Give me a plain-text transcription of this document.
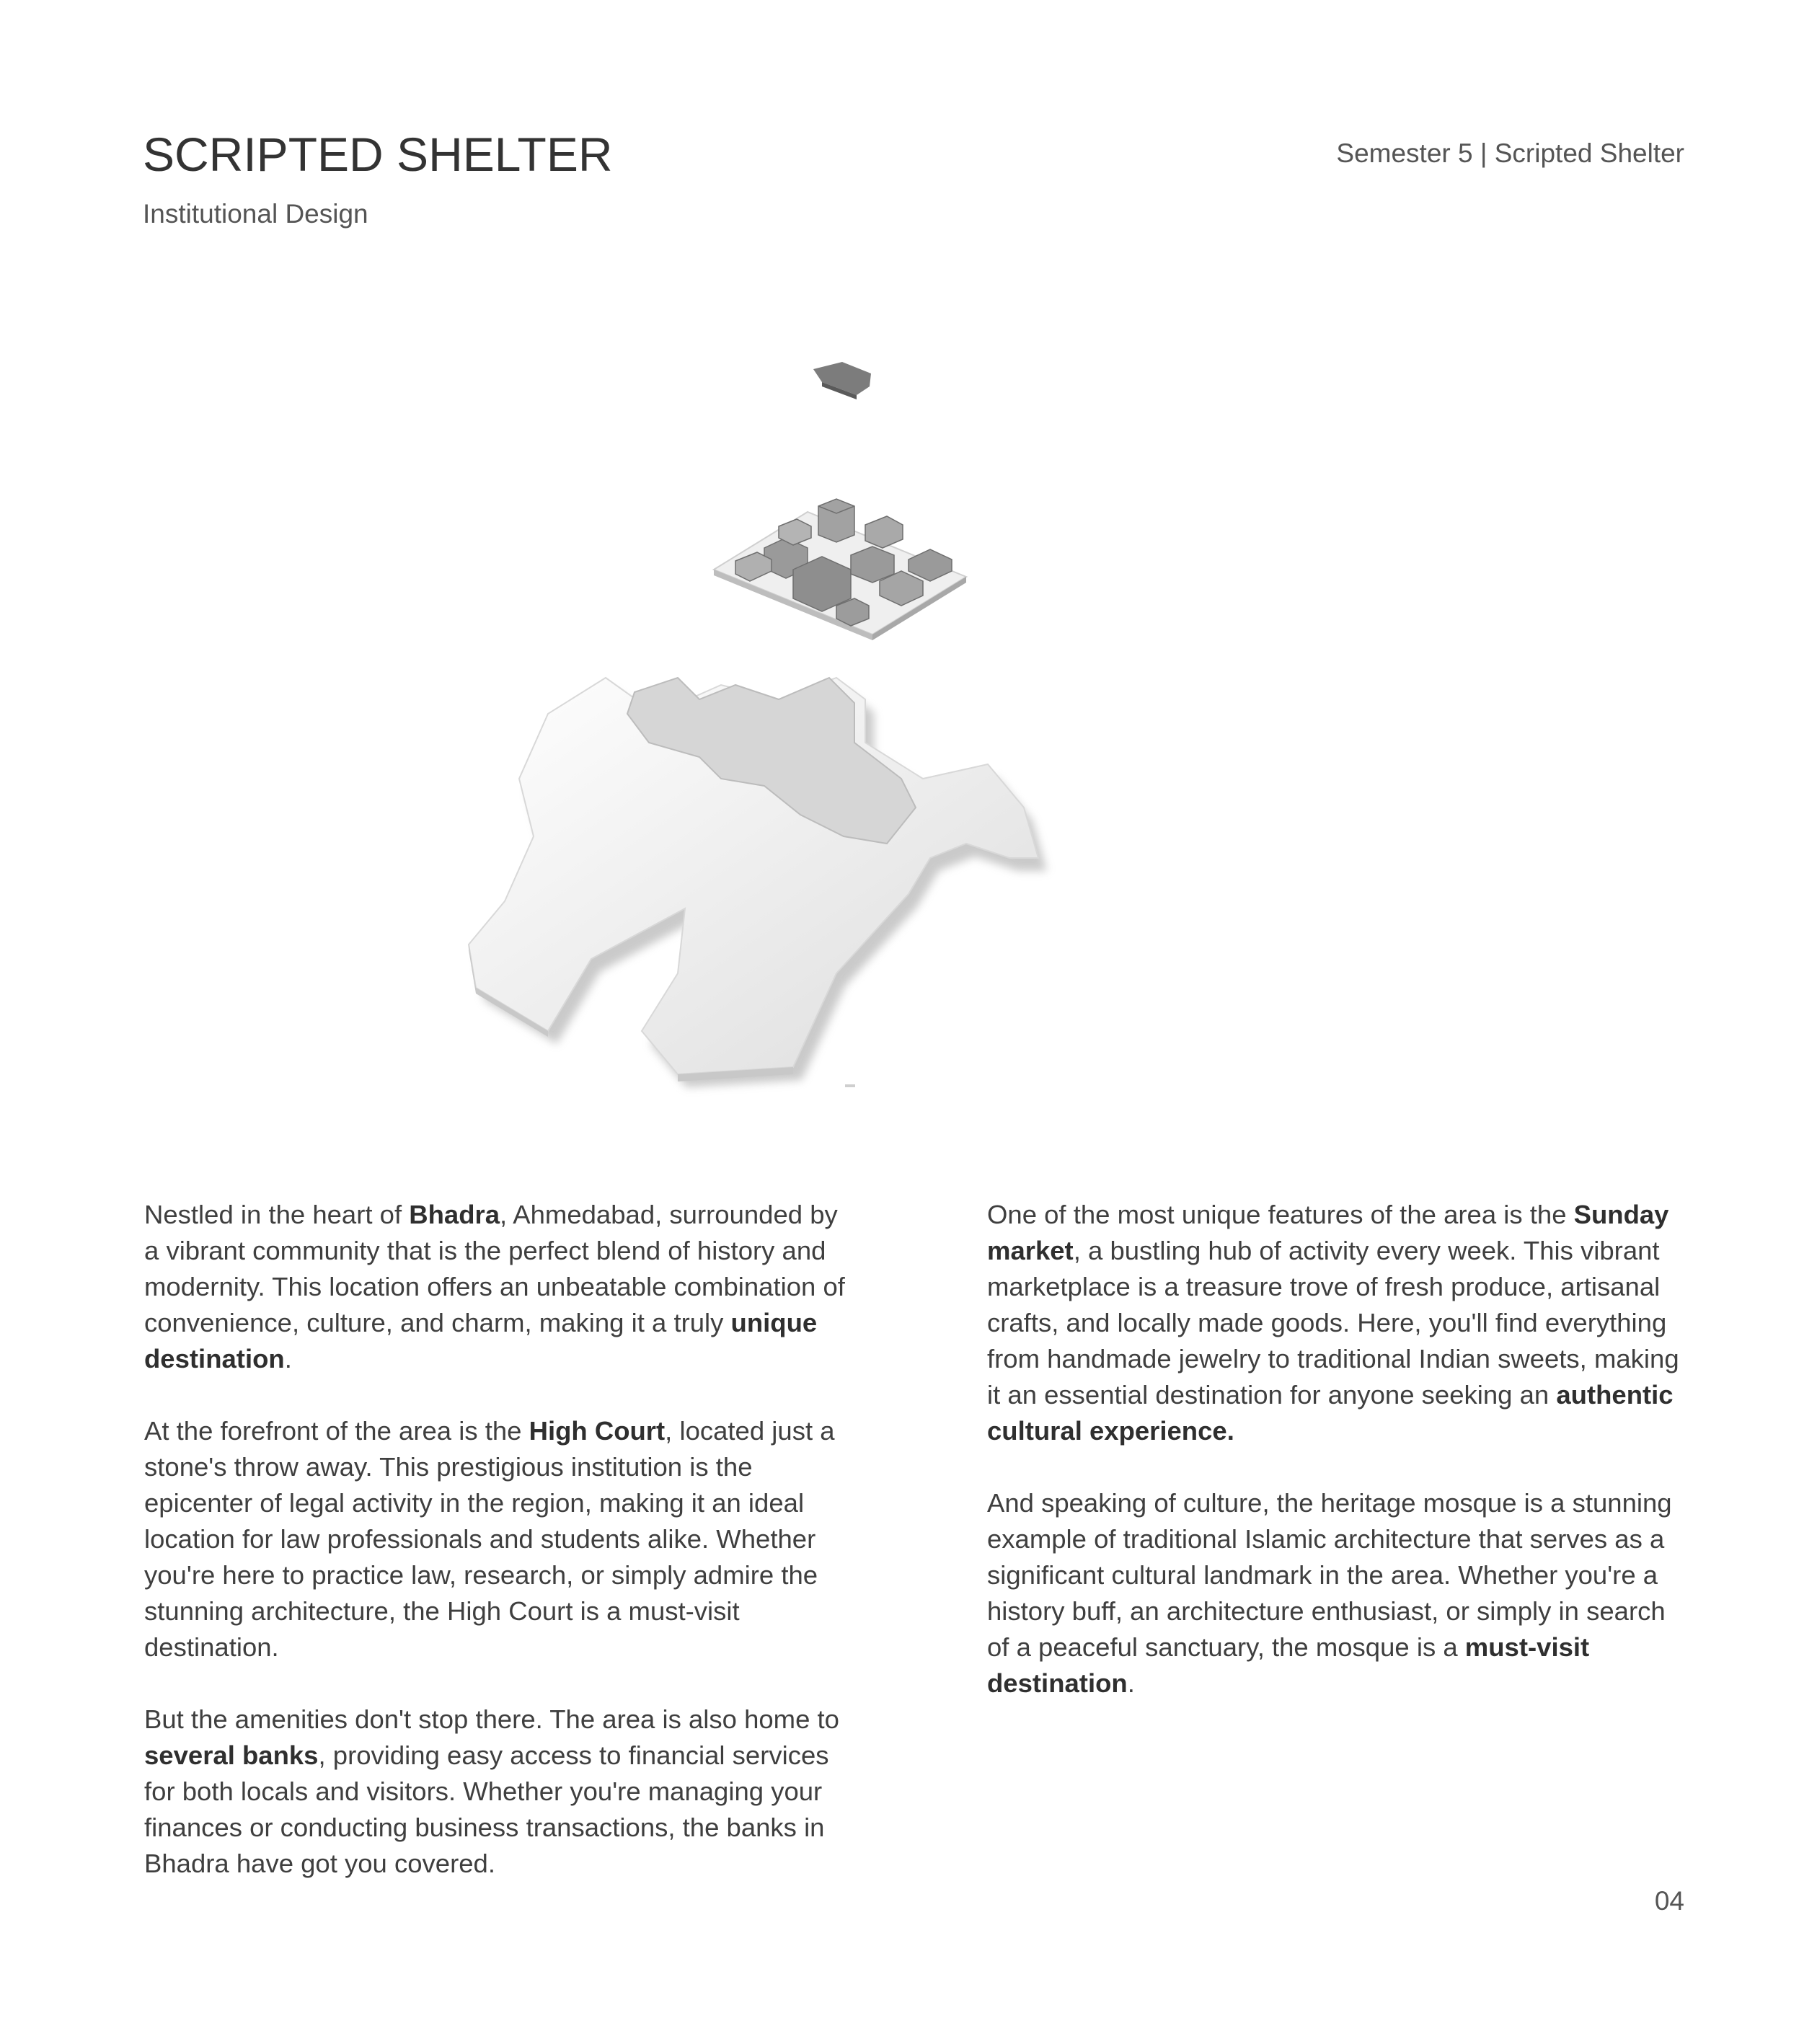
SCRIPTED SHELTER

Institutional Design

Semester 5 | Scripted Shelter

Nestled in the heart of Bhadra, Ahmedabad, surrounded by a vibrant community that is the perfect blend of history and modernity. This location offers an unbeatable combination of convenience, culture, and charm, making it a truly unique destination.

At the forefront of the area is the High Court, located just a stone's throw away. This prestigious institution is the epicenter of legal activity in the region, making it an ideal location for law professionals and students alike. Whether you're here to practice law, research, or simply admire the stunning architecture, the High Court is a must-visit destination.

But the amenities don't stop there. The area is also home to several banks, providing easy access to financial services for both locals and visitors. Whether you're managing your finances or conducting business transactions, the banks in Bhadra have got you covered.

One of the most unique features of the area is the Sunday market, a bustling hub of activity every week. This vibrant marketplace is a treasure trove of fresh produce, artisanal crafts, and locally made goods. Here, you'll find everything from handmade jewelry to traditional Indian sweets, making it an essential destination for anyone seeking an authentic cultural experience.

And speaking of culture, the heritage mosque is a stunning example of traditional Islamic architecture that serves as a significant cultural landmark in the area. Whether you're a history buff, an architecture enthusiast, or simply in search of a peaceful sanctuary, the mosque is a must-visit destination.

04
